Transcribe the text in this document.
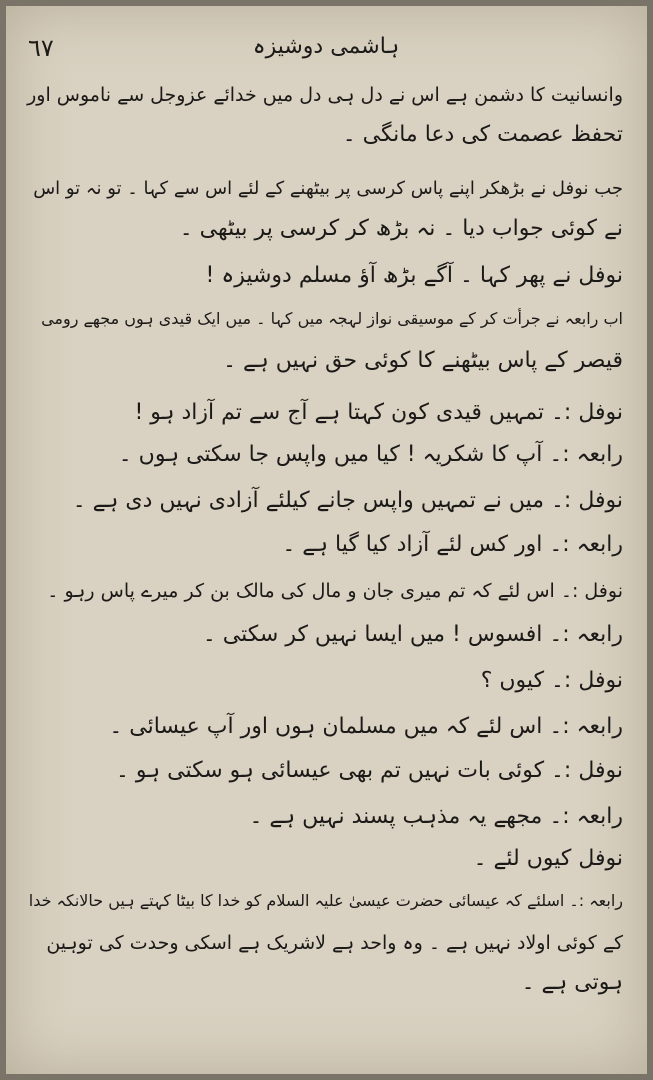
٦٧	ہاشمی دوشیزہ
وانسانیت کا دشمن ہے اس نے دل ہی دل میں خدائے عزوجل سے ناموس اور
تحفظ عصمت کی دعا مانگی ۔
جب نوفل نے بڑھکر اپنے پاس کرسی پر بیٹھنے کے لئے اس سے کہا ۔ تو نہ تو اس
نے کوئی جواب دیا ۔ نہ بڑھ کر کرسی پر بیٹھی ۔
نوفل نے پھر کہا ۔ آگے بڑھ آؤ مسلم دوشیزہ !
اب رابعہ نے جرأت کر کے موسیقی نواز لہجہ میں کہا ۔ میں ایک قیدی ہوں مجھے رومی
قیصر کے پاس بیٹھنے کا کوئی حق نہیں ہے ۔
نوفل :۔ تمہیں قیدی کون کہتا ہے آج سے تم آزاد ہو !
رابعہ :۔ آپ کا شکریہ ! کیا میں واپس جا سکتی ہوں ۔
نوفل :۔ میں نے تمہیں واپس جانے کیلئے آزادی نہیں دی ہے ۔
رابعہ :۔ اور کس لئے آزاد کیا گیا ہے ۔
نوفل :۔ اس لئے کہ تم میری جان و مال کی مالک بن کر میرے پاس رہو ۔
رابعہ :۔ افسوس ! میں ایسا نہیں کر سکتی ۔
نوفل :۔ کیوں ؟
رابعہ :۔ اس لئے کہ میں مسلمان ہوں اور آپ عیسائی ۔
نوفل :۔ کوئی بات نہیں تم بھی عیسائی ہو سکتی ہو ۔
رابعہ :۔ مجھے یہ مذہب پسند نہیں ہے ۔
نوفل کیوں لئے ۔
رابعہ :۔ اسلئے کہ عیسائی حضرت عیسیٰ علیہ السلام کو خدا کا بیٹا کہتے ہیں حالانکہ خدا
کے کوئی اولاد نہیں ہے ۔ وہ واحد ہے لاشریک ہے اسکی وحدت کی توہین
ہوتی ہے ۔
